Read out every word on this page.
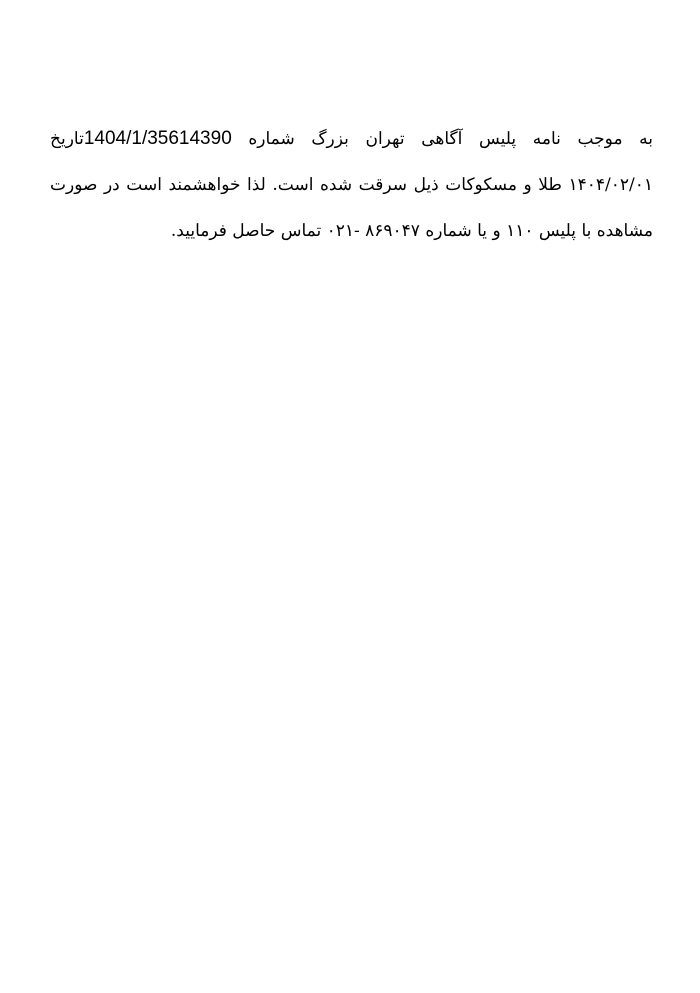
به موجب نامه پلیس آگاهی تهران بزرگ شماره 1404/1/35614390تاریخ
۱۴۰۴/۰۲/۰۱ طلا و مسکوکات ذیل سرقت شده است. لذا خواهشمند است در صورت
مشاهده با پلیس ۱۱۰ و یا شماره ۸۶۹۰۴۷ -۰۲۱ تماس حاصل فرمایید.
